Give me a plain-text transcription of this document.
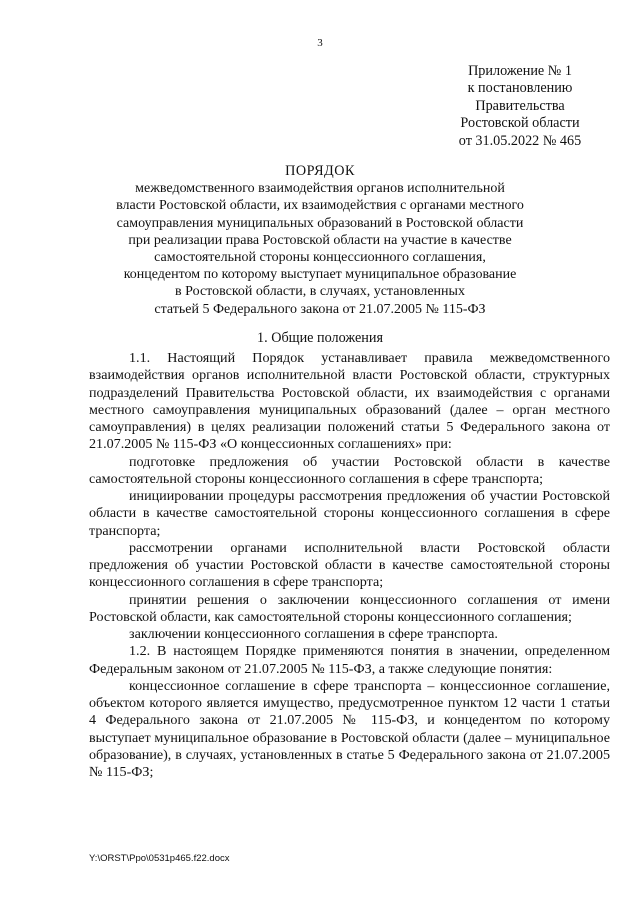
3
Приложение № 1
к постановлению
Правительства
Ростовской области
от 31.05.2022 № 465
ПОРЯДОК
межведомственного взаимодействия органов исполнительной
власти Ростовской области, их взаимодействия с органами местного
самоуправления муниципальных образований в Ростовской области
при реализации права Ростовской области на участие в качестве
самостоятельной стороны концессионного соглашения,
концедентом по которому выступает муниципальное образование
в Ростовской области, в случаях, установленных
статьей 5 Федерального закона от 21.07.2005 № 115-ФЗ
1. Общие положения

1.1. Настоящий Порядок устанавливает правила межведомственного взаимодействия органов исполнительной власти Ростовской области, структурных подразделений Правительства Ростовской области, их взаимодействия с органами местного самоуправления муниципальных образований (далее – орган местного самоуправления) в целях реализации положений статьи 5 Федерального закона от 21.07.2005 № 115-ФЗ «О концессионных соглашениях» при:

подготовке предложения об участии Ростовской области в качестве самостоятельной стороны концессионного соглашения в сфере транспорта;

инициировании процедуры рассмотрения предложения об участии Ростовской области в качестве самостоятельной стороны концессионного соглашения в сфере транспорта;

рассмотрении органами исполнительной власти Ростовской области предложения об участии Ростовской области в качестве самостоятельной стороны концессионного соглашения в сфере транспорта;

принятии решения о заключении концессионного соглашения от имени Ростовской области, как самостоятельной стороны концессионного соглашения;

заключении концессионного соглашения в сфере транспорта.

1.2. В настоящем Порядке применяются понятия в значении, определенном Федеральным законом от 21.07.2005 № 115-ФЗ, а также следующие понятия:

концессионное соглашение в сфере транспорта – концессионное соглашение, объектом которого является имущество, предусмотренное пунктом 12 части 1 статьи 4 Федерального закона от 21.07.2005 № 115-ФЗ, и концедентом по которому выступает муниципальное образование в Ростовской области (далее – муниципальное образование), в случаях, установленных в статье 5 Федерального закона от 21.07.2005 № 115-ФЗ;

Y:\ORST\Ppo\0531p465.f22.docx
